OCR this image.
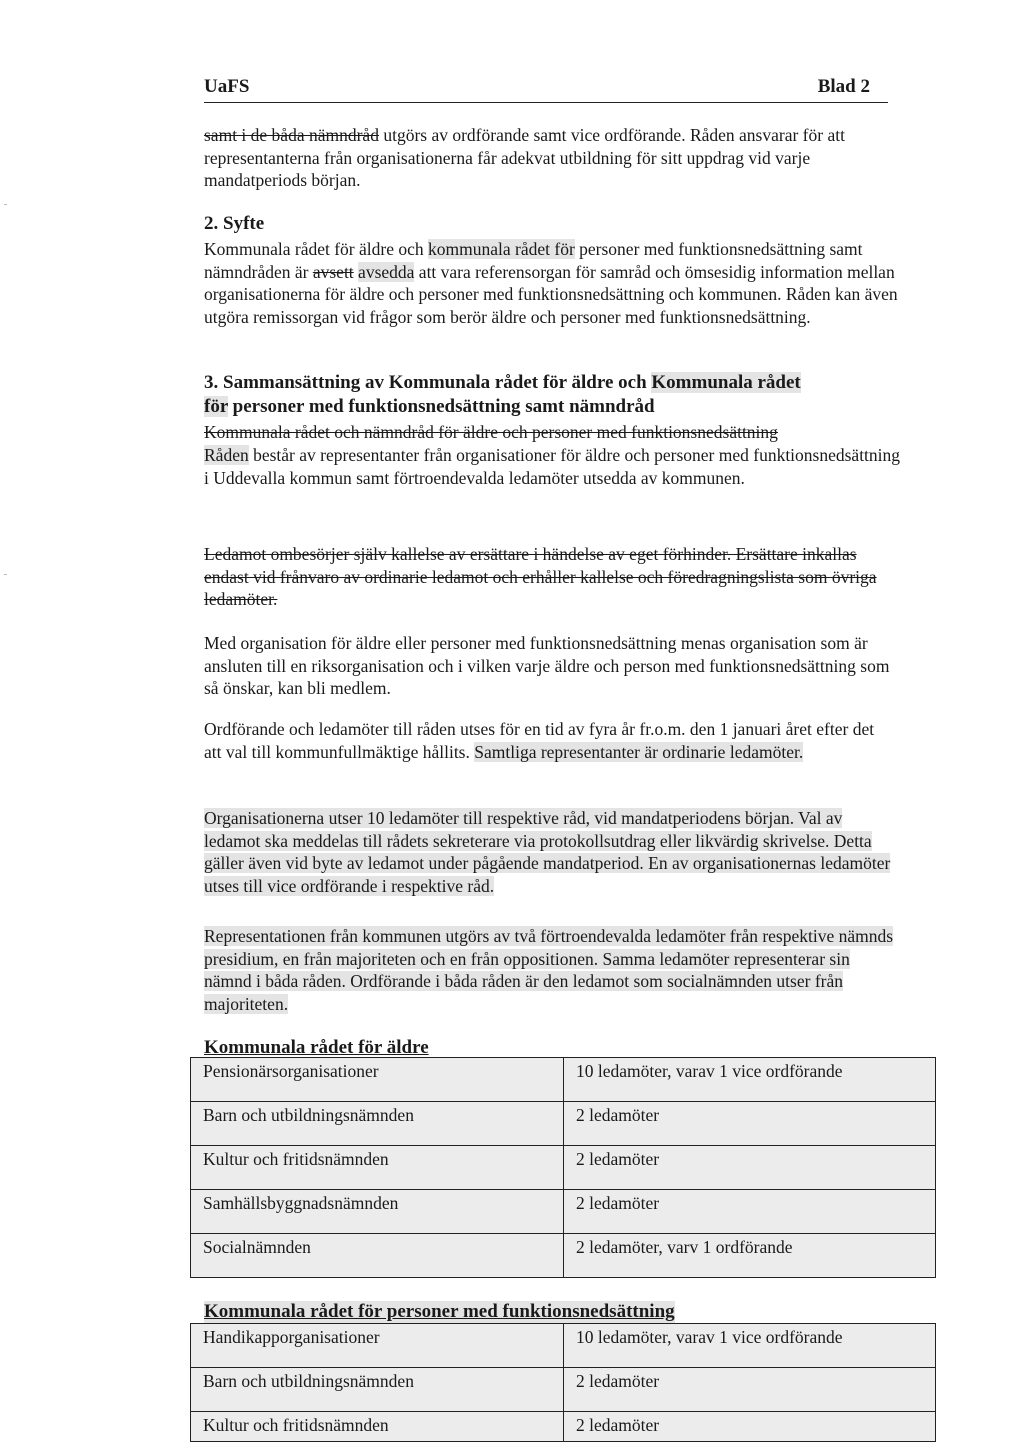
UaFS	Blad 2
samt i de båda nämndråd utgörs av ordförande samt vice ordförande. Råden ansvarar för att representanterna från organisationerna får adekvat utbildning för sitt uppdrag vid varje mandatperiods början.
2. Syfte
Kommunala rådet för äldre och kommunala rådet för personer med funktionsnedsättning samt nämndråden är avsett avsedda att vara referensorgan för samråd och ömsesidig information mellan organisationerna för äldre och personer med funktionsnedsättning och kommunen. Råden kan även utgöra remissorgan vid frågor som berör äldre och personer med funktionsnedsättning.
3. Sammansättning av Kommunala rådet för äldre och Kommunala rådet
för personer med funktionsnedsättning samt nämndråd
Kommunala rådet och nämndråd för äldre och personer med funktionsnedsättning
Råden består av representanter från organisationer för äldre och personer med funktionsnedsättning i Uddevalla kommun samt förtroendevalda ledamöter utsedda av kommunen.
Ledamot ombesörjer själv kallelse av ersättare i händelse av eget förhinder. Ersättare inkallas endast vid frånvaro av ordinarie ledamot och erhåller kallelse och föredragningslista som övriga ledamöter.
Med organisation för äldre eller personer med funktionsnedsättning menas organisation som är ansluten till en riksorganisation och i vilken varje äldre och person med funktionsnedsättning som så önskar, kan bli medlem.
Ordförande och ledamöter till råden utses för en tid av fyra år fr.o.m. den 1 januari året efter det att val till kommunfullmäktige hållits. Samtliga representanter är ordinarie ledamöter.
Organisationerna utser 10 ledamöter till respektive råd, vid mandatperiodens början. Val av ledamot ska meddelas till rådets sekreterare via protokollsutdrag eller likvärdig skrivelse. Detta gäller även vid byte av ledamot under pågående mandatperiod. En av organisationernas ledamöter utses till vice ordförande i respektive råd.
Representationen från kommunen utgörs av två förtroendevalda ledamöter från respektive nämnds presidium, en från majoriteten och en från oppositionen. Samma ledamöter representerar sin nämnd i båda råden. Ordförande i båda råden är den ledamot som socialnämnden utser från majoriteten.
Kommunala rådet för äldre
Pensionärsorganisationer	10 ledamöter, varav 1 vice ordförande
Barn och utbildningsnämnden	2 ledamöter
Kultur och fritidsnämnden	2 ledamöter
Samhällsbyggnadsnämnden	2 ledamöter
Socialnämnden	2 ledamöter, varv 1 ordförande
Kommunala rådet för personer med funktionsnedsättning
Handikapporganisationer	10 ledamöter, varav 1 vice ordförande
Barn och utbildningsnämnden	2 ledamöter
Kultur och fritidsnämnden	2 ledamöter
